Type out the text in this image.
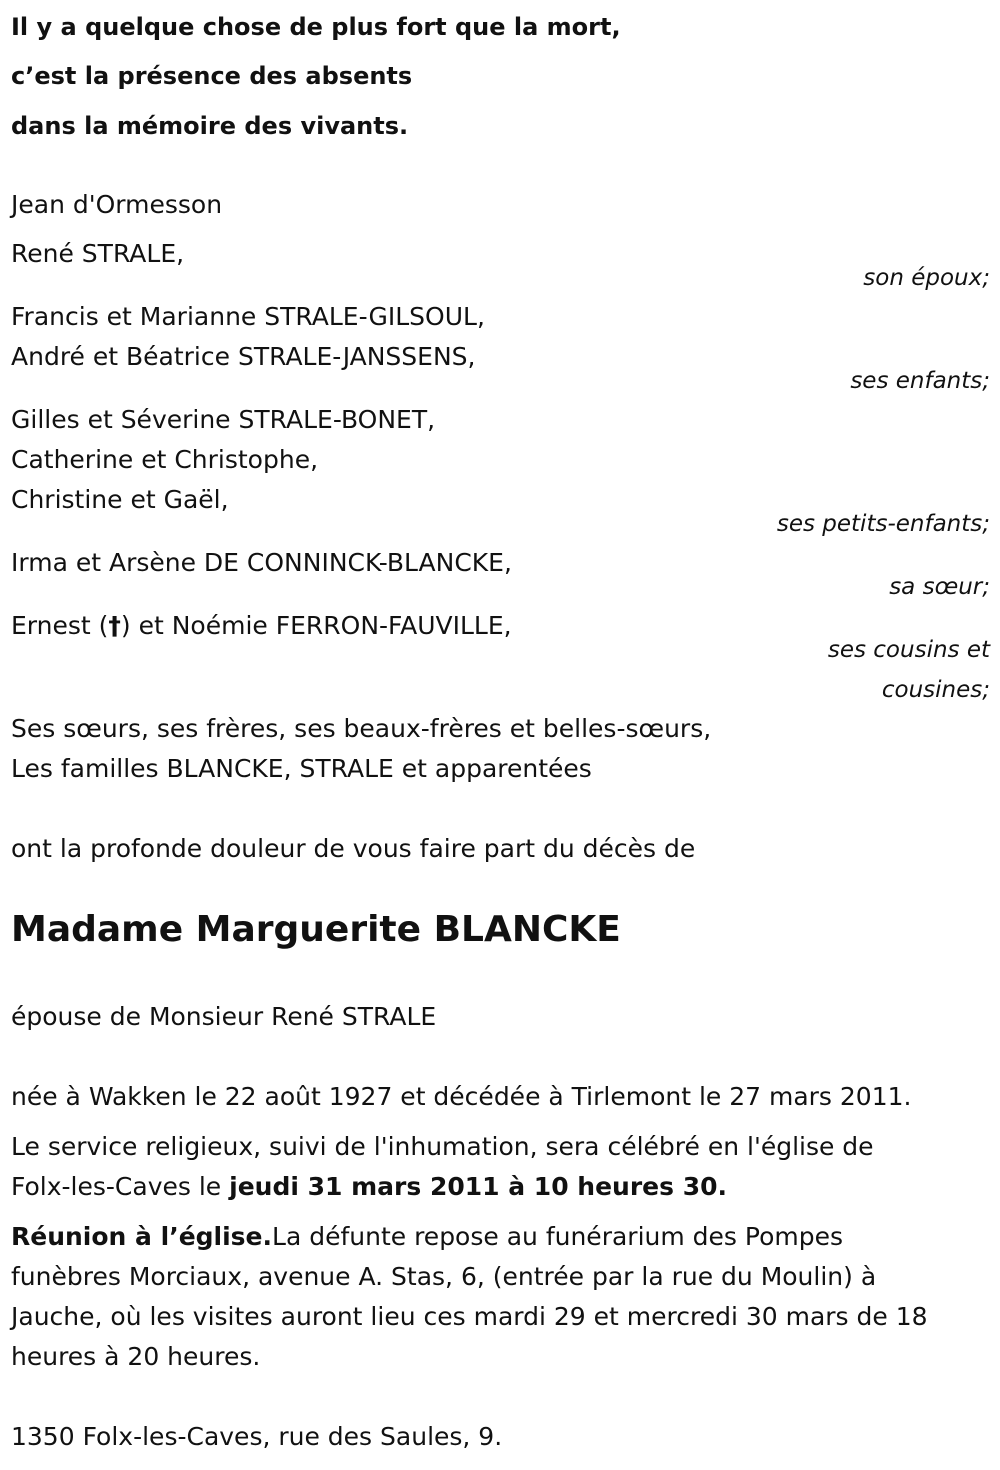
Il y a quelque chose de plus fort que la mort,

c’est la présence des absents

dans la mémoire des vivants.

Jean d'Ormesson

René STRALE,

son époux;

Francis et Marianne STRALE-GILSOUL,

André et Béatrice STRALE-JANSSENS,

ses enfants;

Gilles et Séverine STRALE-BONET,

Catherine et Christophe,

Christine et Gaël,

ses petits-enfants;

Irma et Arsène DE CONNINCK-BLANCKE,

sa sœur;

Ernest (†) et Noémie FERRON-FAUVILLE,

ses cousins et
cousines;

Ses sœurs, ses frères, ses beaux-frères et belles-sœurs,

Les familles BLANCKE, STRALE et apparentées

ont la profonde douleur de vous faire part du décès de

Madame Marguerite BLANCKE

épouse de Monsieur René STRALE

née à Wakken le 22 août 1927 et décédée à Tirlemont le 27 mars 2011.

Le service religieux, suivi de l'inhumation, sera célébré en l'église de

Folx-les-Caves le jeudi 31 mars 2011 à 10 heures 30.

Réunion à l’église.La défunte repose au funérarium des Pompes

funèbres Morciaux, avenue A. Stas, 6, (entrée par la rue du Moulin) à

Jauche, où les visites auront lieu ces mardi 29 et mercredi 30 mars de 18

heures à 20 heures.

1350 Folx-les-Caves, rue des Saules, 9.
